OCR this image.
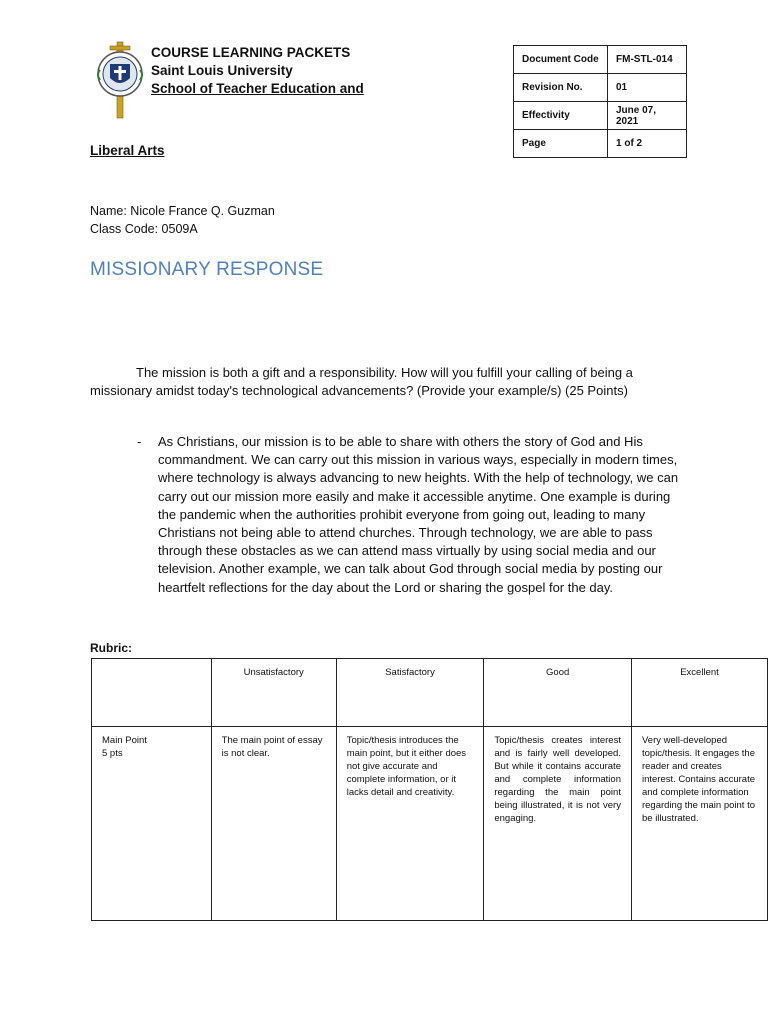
COURSE LEARNING PACKETS
Saint Louis University
School of Teacher Education and
Liberal Arts
Document Code	FM-STL-014
Revision No.	01
Effectivity	June 07, 2021
Page	1 of 2
Name: Nicole France Q. Guzman
Class Code: 0509A
MISSIONARY RESPONSE
The mission is both a gift and a responsibility. How will you fulfill your calling of being a missionary amidst today's technological advancements? (Provide your example/s) (25 Points)
- As Christians, our mission is to be able to share with others the story of God and His commandment. We can carry out this mission in various ways, especially in modern times, where technology is always advancing to new heights. With the help of technology, we can carry out our mission more easily and make it accessible anytime. One example is during the pandemic when the authorities prohibit everyone from going out, leading to many Christians not being able to attend churches. Through technology, we are able to pass through these obstacles as we can attend mass virtually by using social media and our television. Another example, we can talk about God through social media by posting our heartfelt reflections for the day about the Lord or sharing the gospel for the day.
Rubric:
	Unsatisfactory	Satisfactory	Good	Excellent
Main Point
5 pts	The main point of essay is not clear.	Topic/thesis introduces the main point, but it either does not give accurate and complete information, or it lacks detail and creativity.	Topic/thesis creates interest and is fairly well developed. But while it contains accurate and complete information regarding the main point being illustrated, it is not very engaging.	Very well-developed topic/thesis. It engages the reader and creates interest. Contains accurate and complete information regarding the main point to be illustrated.
